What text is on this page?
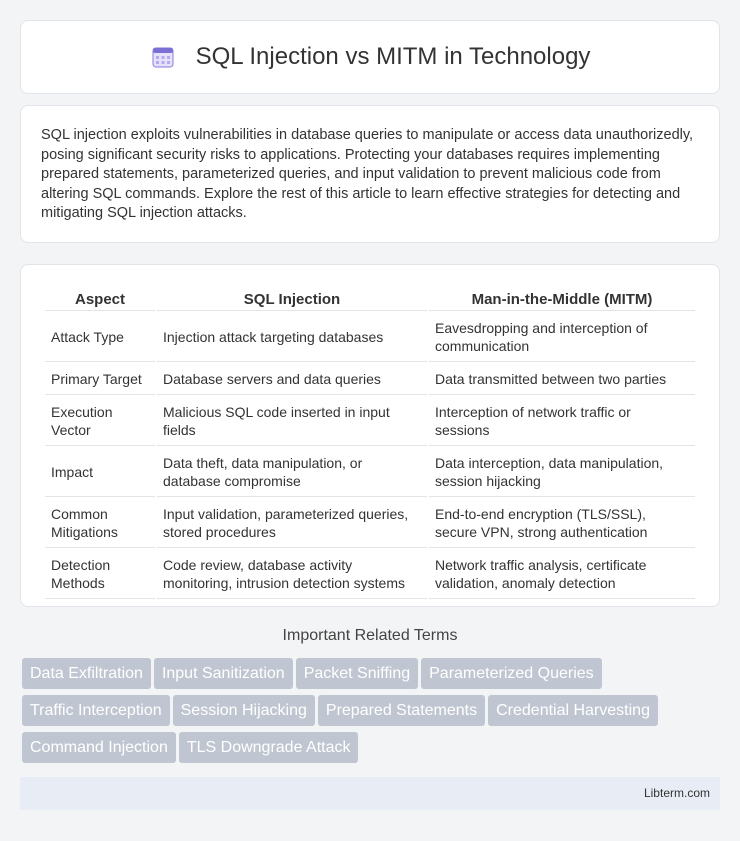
SQL Injection vs MITM in Technology

SQL injection exploits vulnerabilities in database queries to manipulate or access data unauthorizedly, posing significant security risks to applications. Protecting your databases requires implementing prepared statements, parameterized queries, and input validation to prevent malicious code from altering SQL commands. Explore the rest of this article to learn effective strategies for detecting and mitigating SQL injection attacks.

Aspect	SQL Injection	Man-in-the-Middle (MITM)
Attack Type	Injection attack targeting databases	Eavesdropping and interception of communication
Primary Target	Database servers and data queries	Data transmitted between two parties
Execution Vector	Malicious SQL code inserted in input fields	Interception of network traffic or sessions
Impact	Data theft, data manipulation, or database compromise	Data interception, data manipulation, session hijacking
Common Mitigations	Input validation, parameterized queries, stored procedures	End-to-end encryption (TLS/SSL), secure VPN, strong authentication
Detection Methods	Code review, database activity monitoring, intrusion detection systems	Network traffic analysis, certificate validation, anomaly detection
Important Related Terms
Data Exfiltration Input Sanitization Packet Sniffing Parameterized Queries
Traffic Interception Session Hijacking Prepared Statements Credential Harvesting
Command Injection TLS Downgrade Attack
Libterm.com
